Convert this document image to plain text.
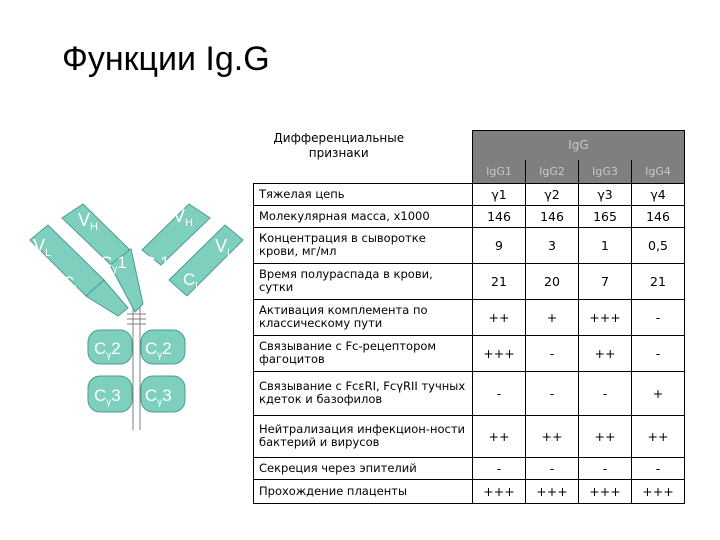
Функции Ig.G
$V_H$
$V_H$
$V_L$	$V_L$
$C_\gamma 1$ $C_\gamma 1$
$C_L$
$C_L$
$C_\gamma 2$ $C_\gamma 2$
$C_\gamma 3$ $C_\gamma 3$
Дифференциальные признаки		IgG			
		IgG1	IgG2	IgG3	IgG4
Тяжелая цепь		γ1	γ2	γ3	γ4
Молекулярная масса, x1000		146	146	165	146
Концентрация в сыворотке крови, мг/мл		9	3	1	0,5
Время полураспада в крови, сутки		21	20	7	21
Активация комплемента по классическому пути		++	+	+++	-
Связывание с Fc-рецептором фагоцитов		+++	-	++	-
Связывание с FcεRI, FcγRII тучных кдеток и базофилов		-	-	-	+
Нейтрализация инфекцион-ности бактерий и вирусов		++	++	++	++
Секреция через эпителий		-	-	-	-
Прохождение плаценты		+++	+++	+++	+++
